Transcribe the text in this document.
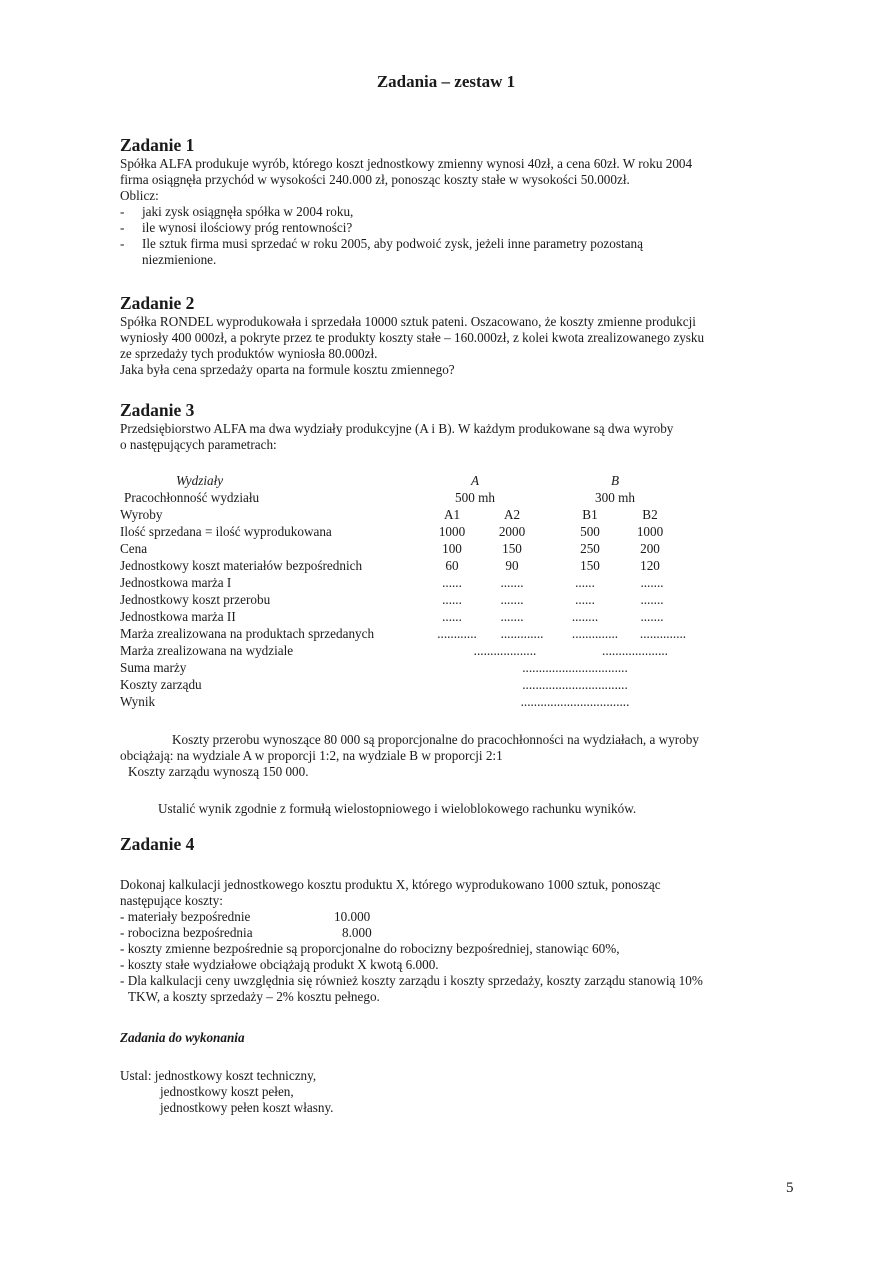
Zadania – zestaw 1
Zadanie 1
Spółka ALFA produkuje wyrób, którego koszt jednostkowy zmienny wynosi 40zł, a cena 60zł. W roku 2004
firma osiągnęła przychód w wysokości 240.000 zł, ponosząc koszty stałe w wysokości 50.000zł.
Oblicz:
- jaki zysk osiągnęła spółka w 2004 roku,
- ile wynosi ilościowy próg rentowności?
- Ile sztuk firma musi sprzedać w roku 2005, aby podwoić zysk, jeżeli inne parametry pozostaną
niezmienione.
Zadanie 2
Spółka RONDEL wyprodukowała i sprzedała 10000 sztuk pateni. Oszacowano, że koszty zmienne produkcji
wyniosły 400 000zł, a pokryte przez te produkty koszty stałe – 160.000zł, z kolei kwota zrealizowanego zysku
ze sprzedaży tych produktów wyniosła 80.000zł.
Jaka była cena sprzedaży oparta na formule kosztu zmiennego?
Zadanie 3
Przedsiębiorstwo ALFA ma dwa wydziały produkcyjne (A i B). W każdym produkowane są dwa wyroby
o następujących parametrach:
Wydziały	A	B
Pracochłonność wydziału	500 mh	300 mh
Wyroby	A1	A2	B1	B2
Ilość sprzedana = ilość wyprodukowana	1000	2000	500	1000
Cena	100	150	250	200
Jednostkowy koszt materiałów bezpośrednich	60	90	150	120
Jednostkowa marża I	......	.......	......	.......
Jednostkowy koszt przerobu	......	.......	......	.......
Jednostkowa marża II	......	.......	........	.......
Marża zrealizowana na produktach sprzedanych	............	.............	..............	..............
Marża zrealizowana na wydziale	...................	....................
Suma marży	................................
Koszty zarządu	................................
Wynik	.................................
Koszty przerobu wynoszące 80 000 są proporcjonalne do pracochłonności na wydziałach, a wyroby
obciążają: na wydziale A w proporcji 1:2, na wydziale B w proporcji 2:1
Koszty zarządu wynoszą 150 000.

Ustalić wynik zgodnie z formułą wielostopniowego i wieloblokowego rachunku wyników.

Zadanie 4
Dokonaj kalkulacji jednostkowego kosztu produktu X, którego wyprodukowano 1000 sztuk, ponosząc
następujące koszty:
- materiały bezpośrednie	10.000
- robocizna bezpośrednia	8.000
- koszty zmienne bezpośrednie są proporcjonalne do robocizny bezpośredniej, stanowiąc 60%,
- koszty stałe wydziałowe obciążają produkt X kwotą 6.000.
- Dla kalkulacji ceny uwzględnia się również koszty zarządu i koszty sprzedaży, koszty zarządu stanowią 10%
TKW, a koszty sprzedaży – 2% kosztu pełnego.

Zadania do wykonania

Ustal: jednostkowy koszt techniczny,
jednostkowy koszt pełen,
jednostkowy pełen koszt własny.

5
